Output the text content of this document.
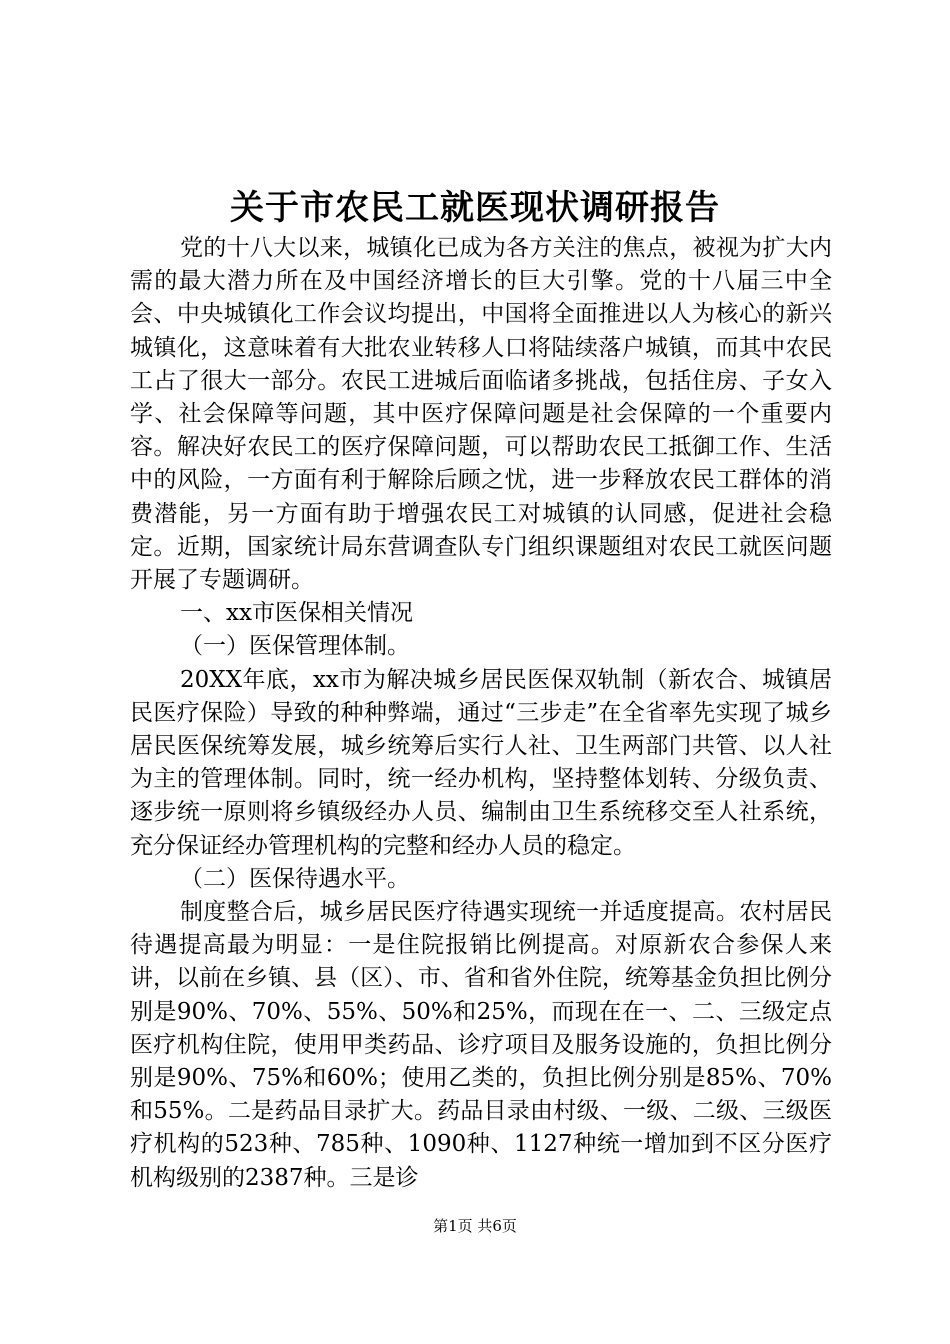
关于市农民工就医现状调研报告

党的十八大以来，城镇化已成为各方关注的焦点，被视为扩大内需的最大潜力所在及中国经济增长的巨大引擎。党的十八届三中全会、中央城镇化工作会议均提出，中国将全面推进以人为核心的新兴城镇化，这意味着有大批农业转移人口将陆续落户城镇，而其中农民工占了很大一部分。农民工进城后面临诸多挑战，包括住房、子女入学、社会保障等问题，其中医疗保障问题是社会保障的一个重要内容。解决好农民工的医疗保障问题，可以帮助农民工抵御工作、生活中的风险，一方面有利于解除后顾之忧，进一步释放农民工群体的消费潜能，另一方面有助于增强农民工对城镇的认同感，促进社会稳定。近期，国家统计局东营调查队专门组织课题组对农民工就医问题开展了专题调研。

一、xx市医保相关情况

（一）医保管理体制。

20XX年底，xx市为解决城乡居民医保双轨制（新农合、城镇居民医疗保险）导致的种种弊端，通过“三步走”在全省率先实现了城乡居民医保统筹发展，城乡统筹后实行人社、卫生两部门共管、以人社为主的管理体制。同时，统一经办机构，坚持整体划转、分级负责、逐步统一原则将乡镇级经办人员、编制由卫生系统移交至人社系统，充分保证经办管理机构的完整和经办人员的稳定。

（二）医保待遇水平。

制度整合后，城乡居民医疗待遇实现统一并适度提高。农村居民待遇提高最为明显：一是住院报销比例提高。对原新农合参保人来讲，以前在乡镇、县（区）、市、省和省外住院，统筹基金负担比例分别是90%、70%、55%、50%和25%，而现在在一、二、三级定点医疗机构住院，使用甲类药品、诊疗项目及服务设施的，负担比例分别是90%、75%和60%；使用乙类的，负担比例分别是85%、70%和55%。二是药品目录扩大。药品目录由村级、一级、二级、三级医疗机构的523种、785种、1090种、1127种统一增加到不区分医疗机构级别的2387种。三是诊

第1页 共6页
